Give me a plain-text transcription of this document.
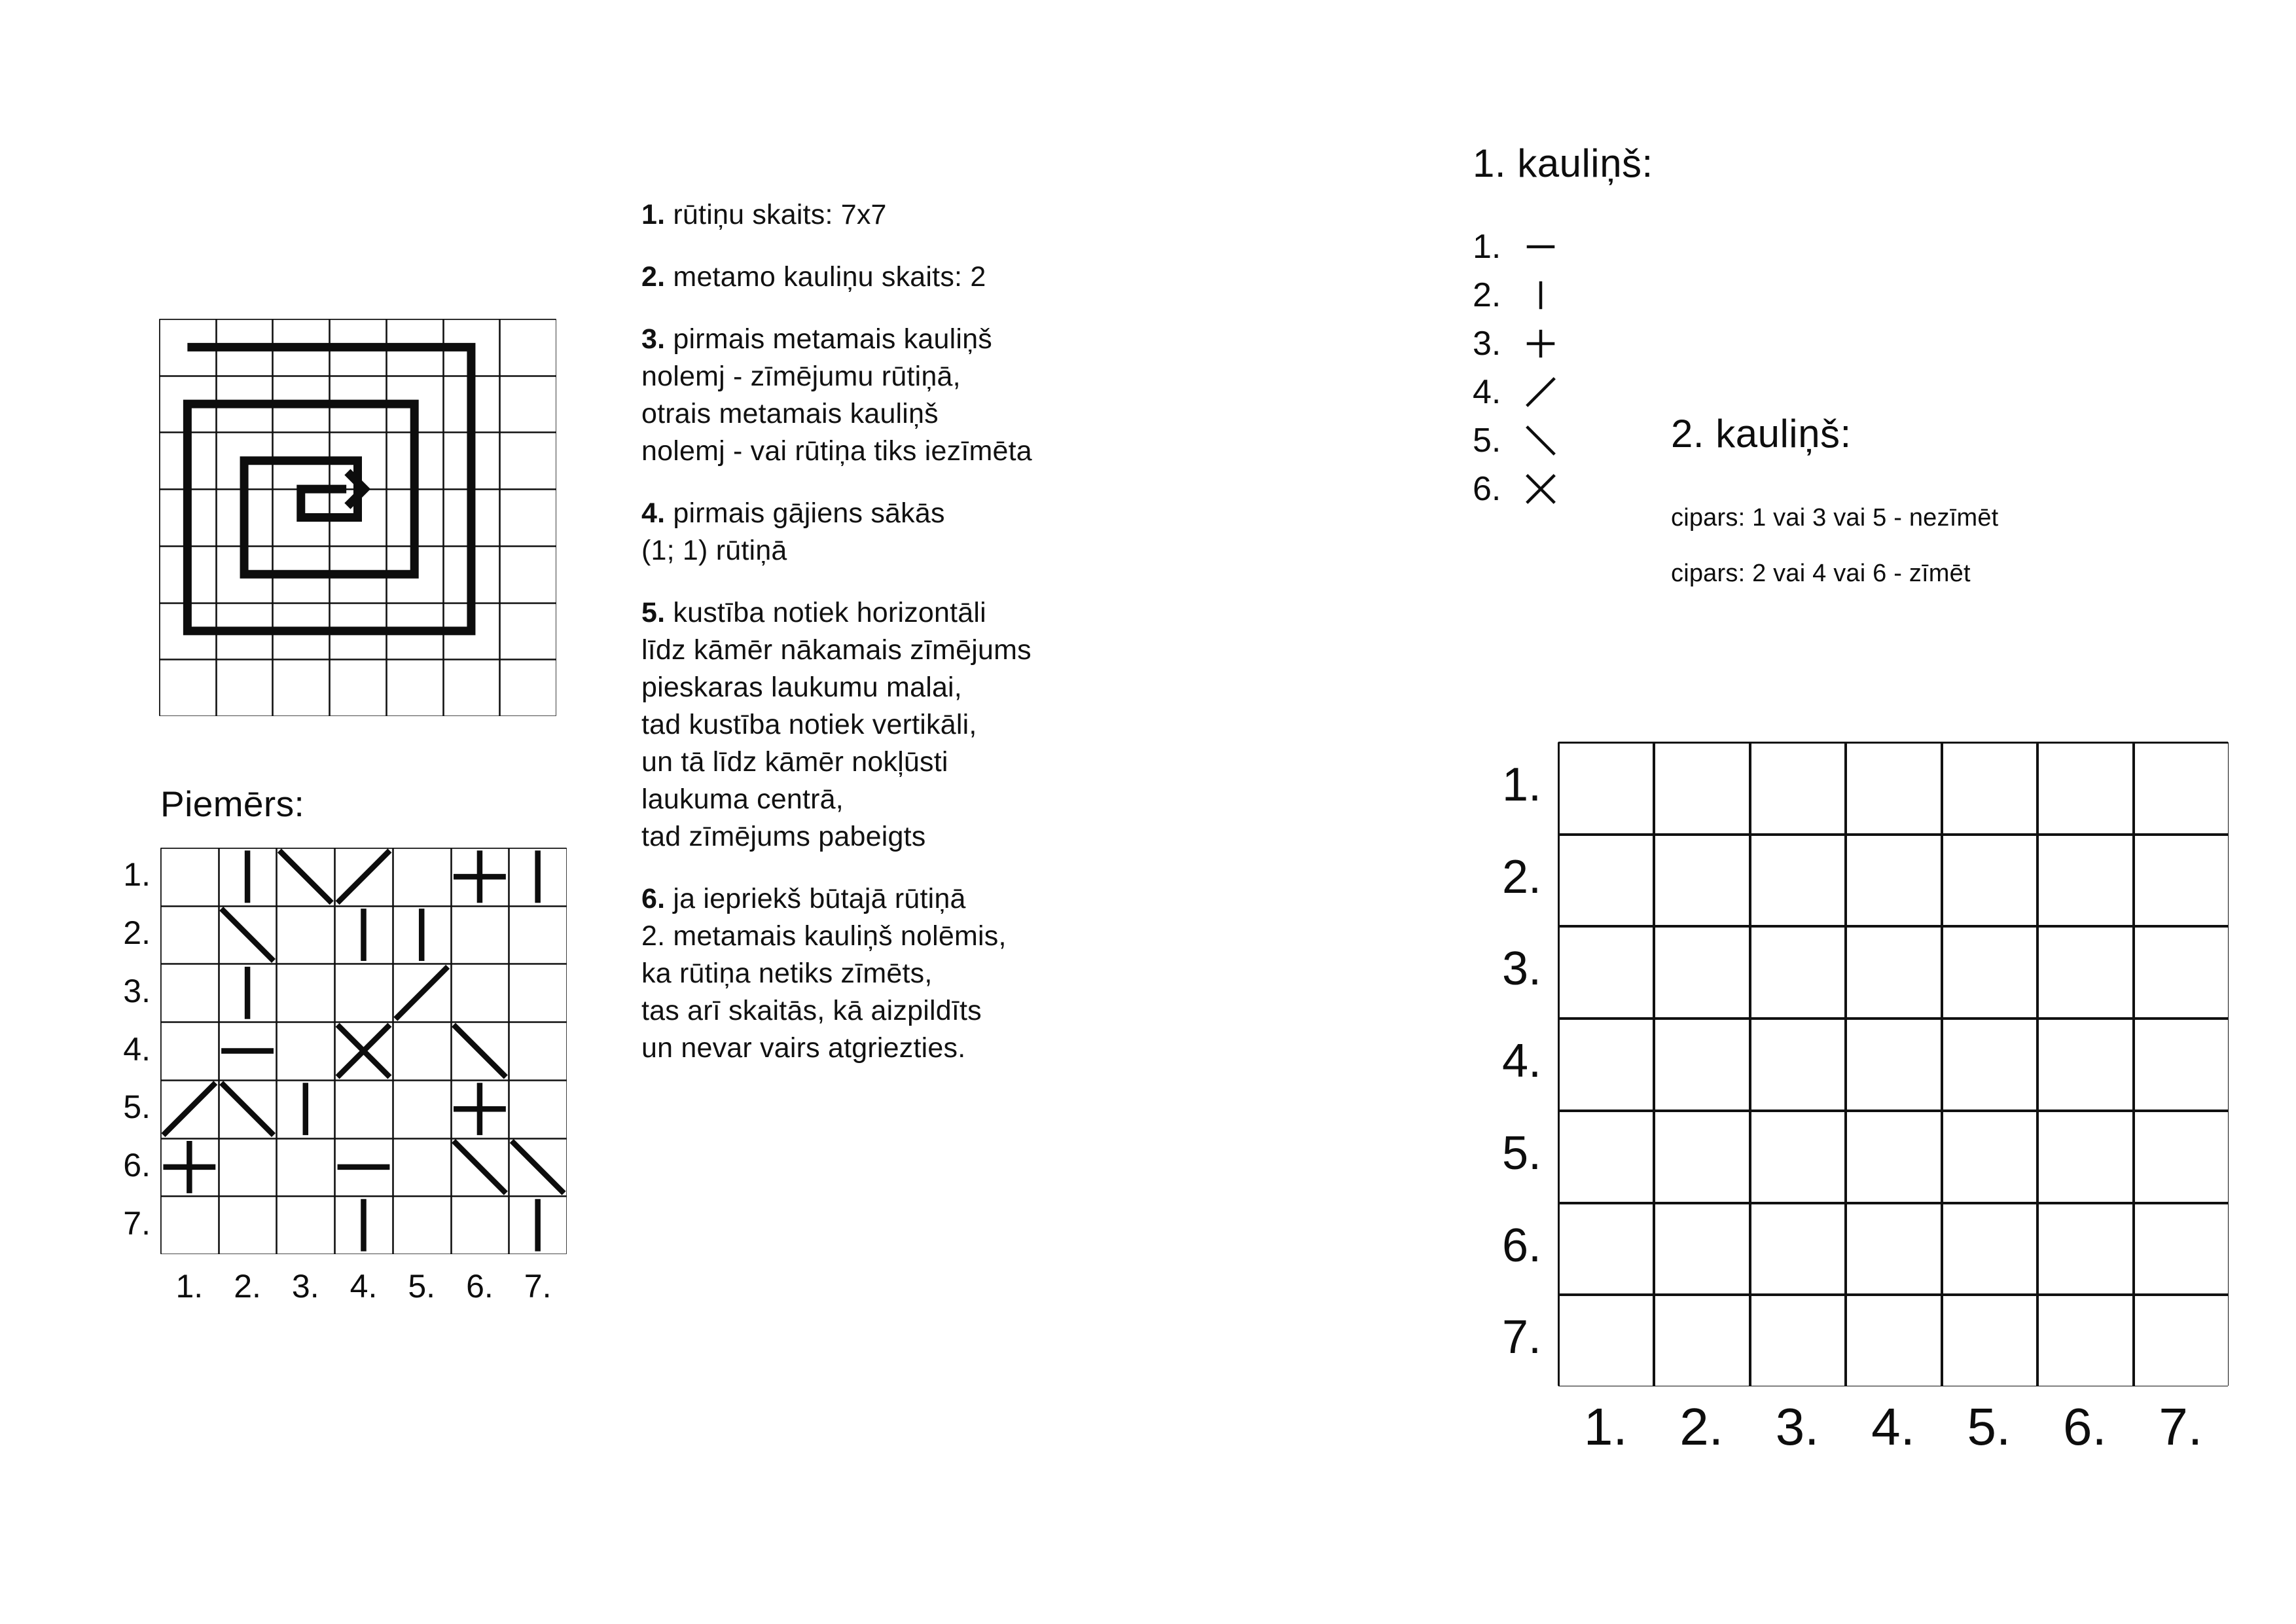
1. rūtiņu skaits: 7x7
2. metamo kauliņu skaits: 2
3. pirmais metamais kauliņš
nolemj - zīmējumu rūtiņā,
otrais metamais kauliņš
nolemj - vai rūtiņa tiks iezīmēta
4. pirmais gājiens sākās
(1; 1) rūtiņā
5. kustība notiek horizontāli
līdz kāmēr nākamais zīmējums
pieskaras laukumu malai,
tad kustība notiek vertikāli,
un tā līdz kāmēr nokļūsti
laukuma centrā,
tad zīmējums pabeigts
6. ja iepriekš būtajā rūtiņā
2. metamais kauliņš nolēmis,
ka rūtiņa netiks zīmēts,
tas arī skaitās, kā aizpildīts
un nevar vairs atgriezties.
1. kauliņš:
1.
2.
3.
4.
5.
6.
2. kauliņš:
cipars: 1 vai 3 vai 5 - nezīmēt
cipars: 2 vai 4 vai 6 - zīmēt
Piemērs:
1.
2.
3.
4.
5.
6.
7.
1. 2. 3. 4. 5. 6. 7.
1.
2.
3.
4.
5.
6.
7.
1. 2. 3. 4. 5. 6. 7.
